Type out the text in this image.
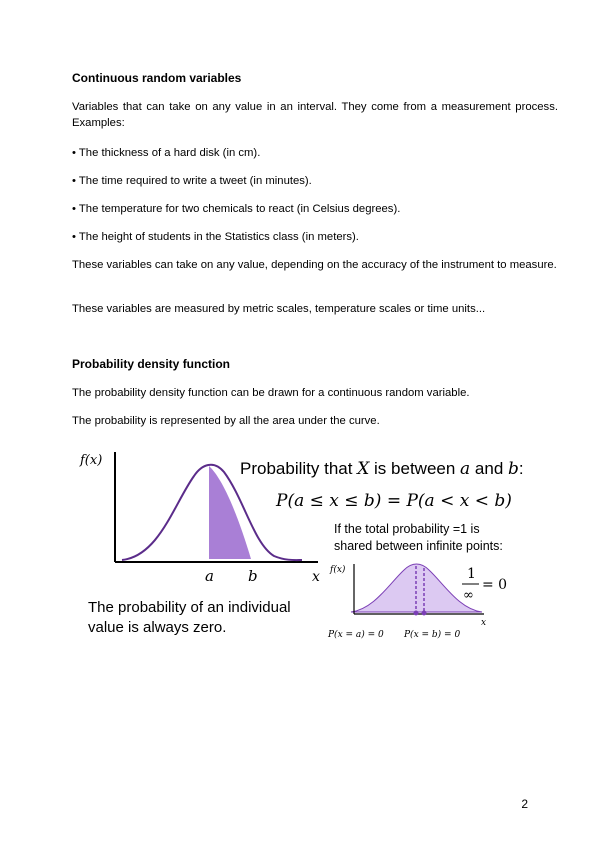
Continuous random variables

Variables that can take on any value in an interval. They come from a measurement process. Examples:

• The thickness of a hard disk (in cm).

• The time required to write a tweet (in minutes).

• The temperature for two chemicals to react (in Celsius degrees).

• The height of students in the Statistics class (in meters).

These variables can take on any value, depending on the accuracy of the instrument to measure.

These variables are measured by metric scales, temperature scales or time units...

Probability density function

The probability density function can be drawn for a continuous random variable.

The probability is represented by all the area under the curve.

f(x)
a b	x
Probability that X is between a and b:
P(a ≤ x ≤ b) = P(a < x < b)
The probability of an individual
value is always zero.
If the total probability =1 is
shared between infinite points:
f(x)
x
1
∞
= 0
P(x = a) = 0 P(x = b) = 0
2
